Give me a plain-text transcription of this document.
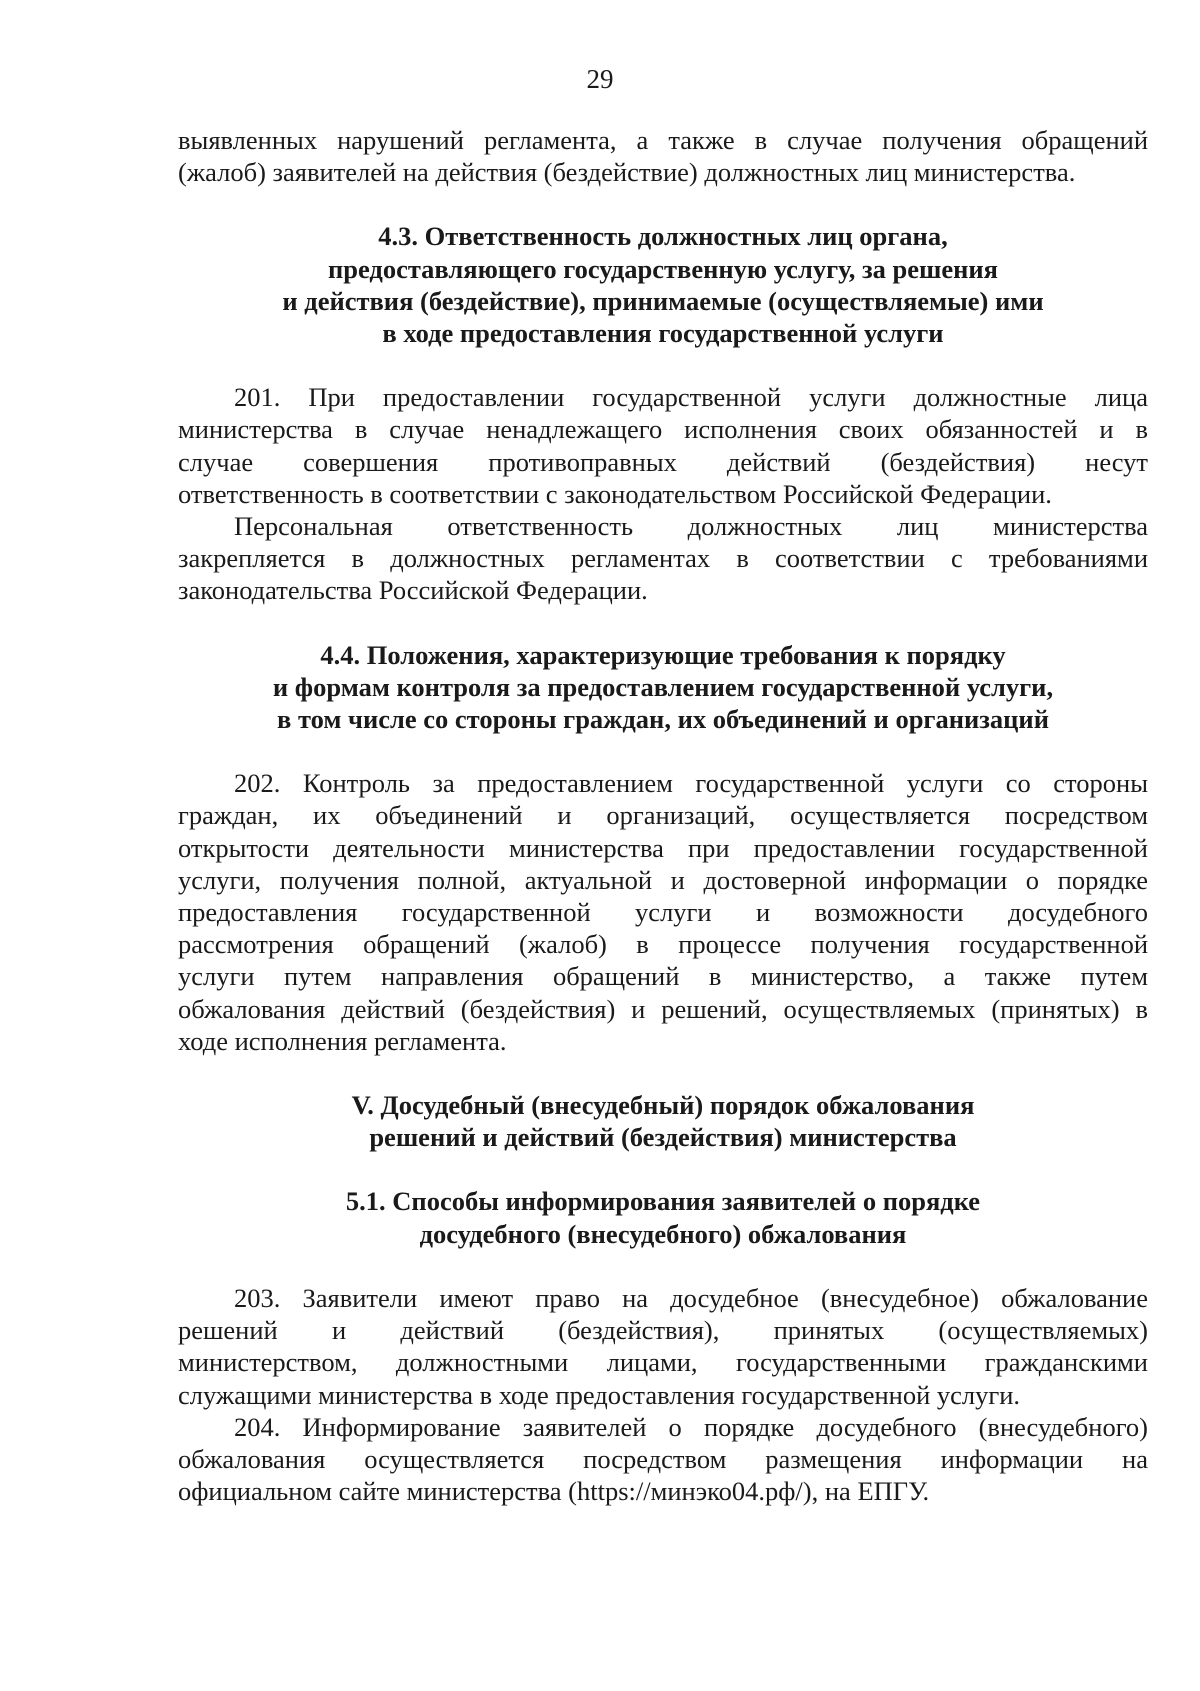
29

выявленных нарушений регламента, а также в случае получения обращений
(жалоб) заявителей на действия (бездействие) должностных лиц министерства.
4.3. Ответственность должностных лиц органа,
предоставляющего государственную услугу, за решения
и действия (бездействие), принимаемые (осуществляемые) ими
в ходе предоставления государственной услуги
201. При предоставлении государственной услуги должностные лица
министерства в случае ненадлежащего исполнения своих обязанностей и в
случае совершения противоправных действий (бездействия) несут
ответственность в соответствии с законодательством Российской Федерации.
Персональная ответственность должностных лиц министерства
закрепляется в должностных регламентах в соответствии с требованиями
законодательства Российской Федерации.
4.4. Положения, характеризующие требования к порядку
и формам контроля за предоставлением государственной услуги,
в том числе со стороны граждан, их объединений и организаций
202. Контроль за предоставлением государственной услуги со стороны
граждан, их объединений и организаций, осуществляется посредством
открытости деятельности министерства при предоставлении государственной
услуги, получения полной, актуальной и достоверной информации о порядке
предоставления государственной услуги и возможности досудебного
рассмотрения обращений (жалоб) в процессе получения государственной
услуги путем направления обращений в министерство, а также путем
обжалования действий (бездействия) и решений, осуществляемых (принятых) в
ходе исполнения регламента.
V. Досудебный (внесудебный) порядок обжалования
решений и действий (бездействия) министерства
5.1. Способы информирования заявителей о порядке
досудебного (внесудебного) обжалования
203. Заявители имеют право на досудебное (внесудебное) обжалование
решений и действий (бездействия), принятых (осуществляемых)
министерством, должностными лицами, государственными гражданскими
служащими министерства в ходе предоставления государственной услуги.
204. Информирование заявителей о порядке досудебного (внесудебного)
обжалования осуществляется посредством размещения информации на
официальном сайте министерства (https://минэко04.рф/), на ЕПГУ.
